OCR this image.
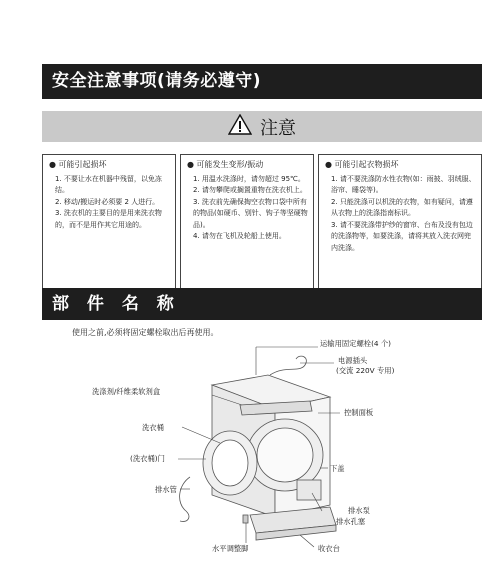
安全注意事项(请务必遵守)
注意
● 可能引起损坏
1. 不要让水在机器中残留，以免冻结。
2. 移动/搬运时必须要 2 人进行。
3. 洗衣机的主要目的是用来洗衣物的，而不是用作其它用途的。
● 可能发生变形/振动
1. 用温水洗涤时，请勿超过 95℃。
2. 请勿攀爬或搁置重物在洗衣机上。
3. 洗衣前先确保掏空衣物口袋中所有的物品(如硬币、别针、钩子等坚硬物品)。
4. 请勿在飞机及轮船上使用。
● 可能引起衣物损坏
1. 请不要洗涤防水性衣物(如：雨披、羽绒服、浴帘、睡袋等)。
2. 只能洗涤可以机洗的衣物，如有疑问，请遵从衣物上的洗涤指南标识。
3. 请不要洗涤带护纱的窗帘、台布及没有包边的洗涤物等，如要洗涤，请将其放入洗衣网兜内洗涤。
部 件 名 称
使用之前,必须将固定螺栓取出后再使用。
运输用固定螺栓(4 个)
电源插头
(交流 220V 专用)
洗涤剂/纤维柔软剂盒
控制面板
洗衣桶
(洗衣桶)门
下盖
排水管
排水泵
排水孔塞
水平调整脚	收衣台
